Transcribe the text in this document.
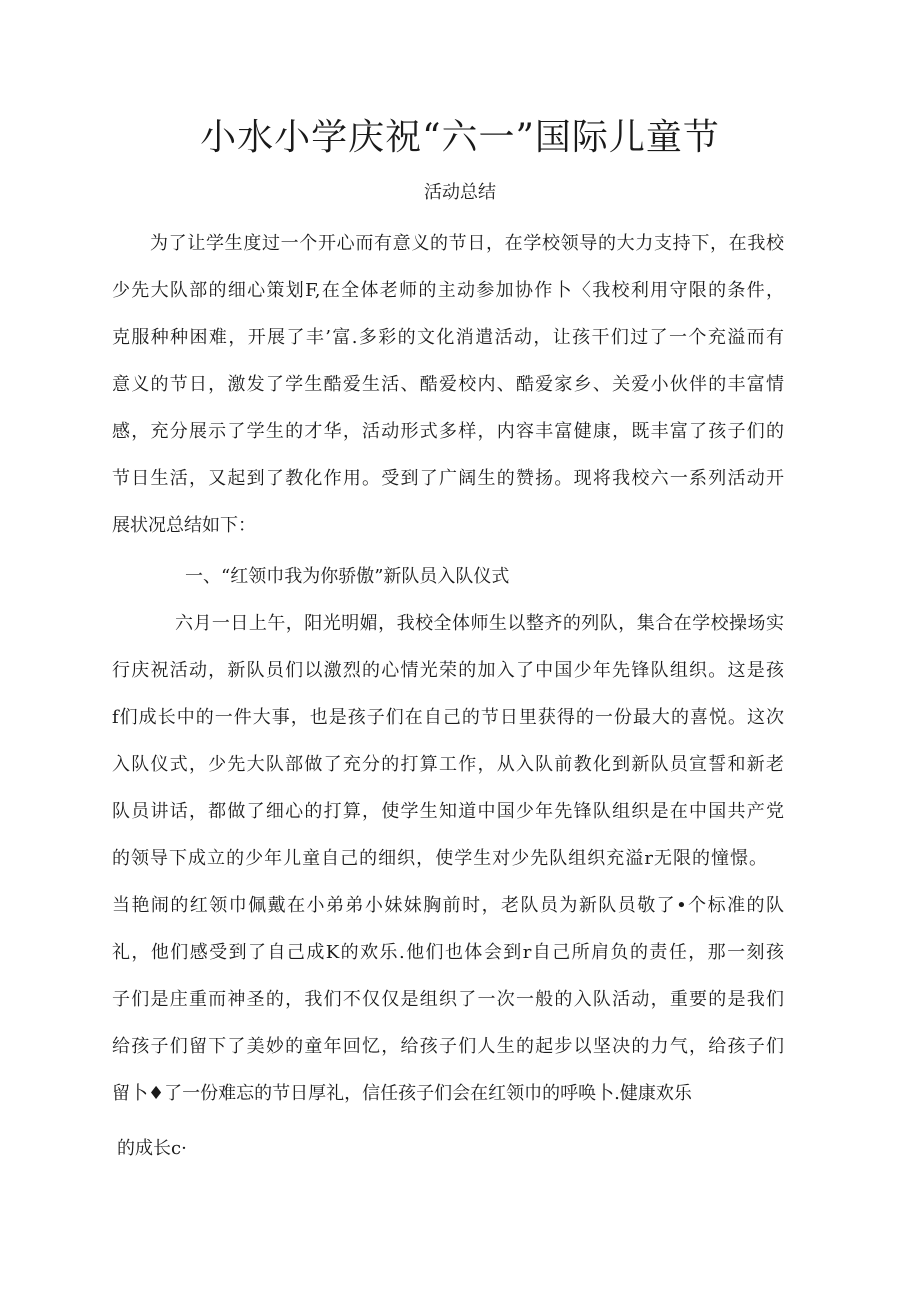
小水小学庆祝“六一”国际儿童节
活动总结
为了让学生度过一个开心而有意义的节日，在学校领导的大力支持下，在我校
少先大队部的细心策划F,在全体老师的主动参加协作卜〈我校利用守限的条件，
克服种种困难，开展了丰’富.多彩的文化消遣活动，让孩干们过了一个充溢而有
意义的节日，激发了学生酷爱生活、酷爱校内、酷爱家乡、关爱小伙伴的丰富情
感，充分展示了学生的才华，活动形式多样，内容丰富健康，既丰富了孩子们的
节日生活，又起到了教化作用。受到了广阔生的赞扬。现将我校六一系列活动开
展状况总结如下：
一、“红领巾我为你骄傲”新队员入队仪式
六月一日上午，阳光明媚，我校全体师生以整齐的列队，集合在学校操场实
行庆祝活动，新队员们以激烈的心情光荣的加入了中国少年先锋队组织。这是孩
f们成长中的一件大事，也是孩子们在自己的节日里获得的一份最大的喜悦。这次
入队仪式，少先大队部做了充分的打算工作，从入队前教化到新队员宣誓和新老
队员讲话，都做了细心的打算，使学生知道中国少年先锋队组织是在中国共产党
的领导下成立的少年儿童自己的细织，使学生对少先队组织充溢r无限的憧憬。
当艳闹的红领巾佩戴在小弟弟小妹妹胸前时，老队员为新队员敬了•个标准的队
礼，他们感受到了自己成K的欢乐.他们也体会到r自己所肩负的责任，那一刻孩
子们是庄重而神圣的，我们不仅仅是组织了一次一般的入队活动，重要的是我们
给孩子们留下了美妙的童年回忆，给孩子们人生的起步以坚决的力气，给孩子们
留卜♦了一份难忘的节日厚礼，信任孩子们会在红领巾的呼唤卜.健康欢乐
的成长c·
